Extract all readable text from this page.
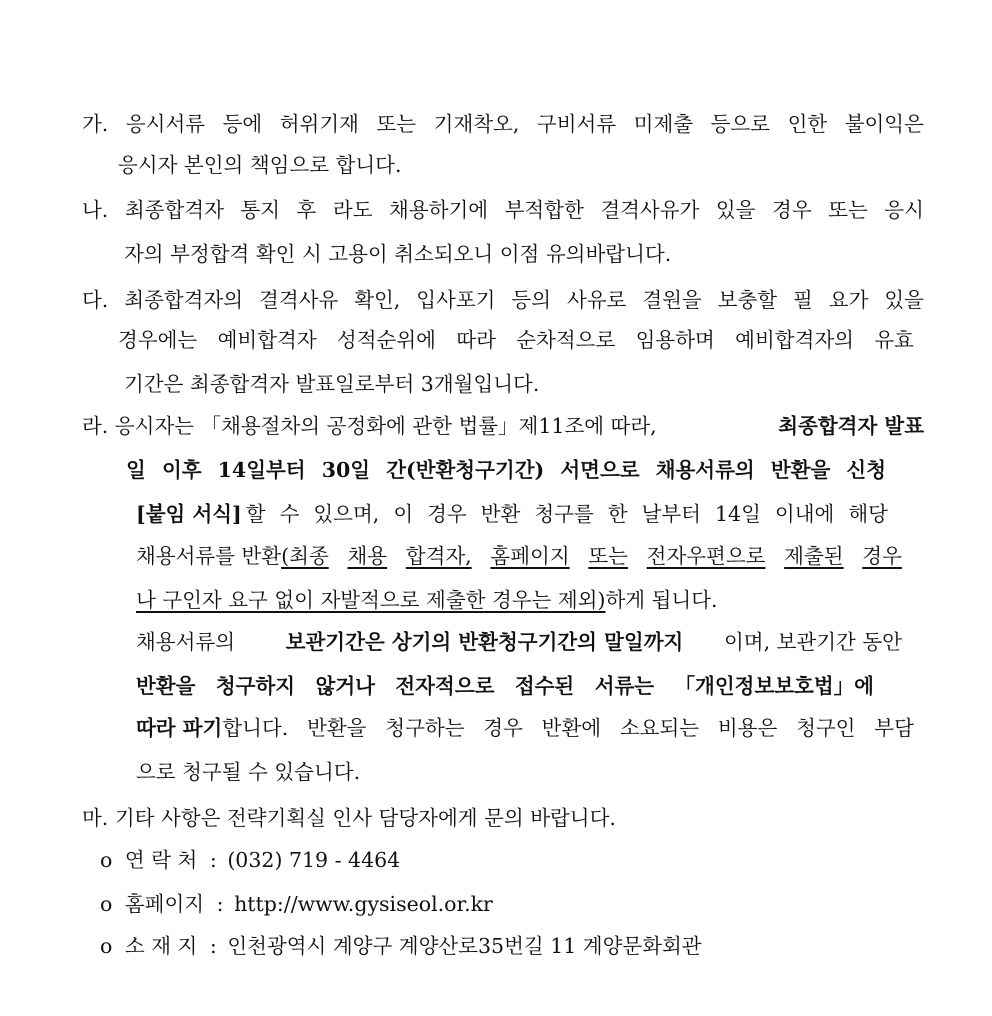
가. 응시서류 등에 허위기재 또는 기재착오, 구비서류 미제출 등으로 인한 불이익은
응시자 본인의 책임으로 합니다.
나. 최종합격자 통지 후 라도 채용하기에 부적합한 결격사유가 있을 경우 또는 응시
자의 부정합격 확인 시 고용이 취소되오니 이점 유의바랍니다.
다. 최종합격자의 결격사유 확인, 입사포기 등의 사유로 결원을 보충할 필 요가 있을
경우에는 예비합격자 성적순위에 따라 순차적으로 임용하며 예비합격자의 유효
기간은 최종합격자 발표일로부터 3개월입니다.
라. 응시자는 「채용절차의 공정화에 관한 법률」제11조에 따라,	최종합격자 발표
일 이후 14일부터 30일 간(반환청구기간) 서면으로 채용서류의 반환을 신청
[붙임 서식] 할 수 있으며, 이 경우 반환 청구를 한 날부터 14일 이내에 해당
채용서류를 반환 (최종 채용 합격자, 홈페이지 또는 전자우편으로 제출된 경우
나 구인자 요구 없이 자발적으로 제출한 경우는 제외)하게 됩니다.
채용서류의 보관기간은 상기의 반환청구기간의 말일까지 이며, 보관기간 동안
반환을 청구하지 않거나 전자적으로 접수된 서류는 「개인정보보호법」에
따라 파기 합니다. 반환을 청구하는 경우 반환에 소요되는 비용은 청구인 부담
으로 청구될 수 있습니다.
마. 기타 사항은 전략기획실 인사 담당자에게 문의 바랍니다.
o 연 락 처 : (032) 719 - 4464
o 홈페이지 : http://www.gysiseol.or.kr
o 소 재 지 : 인천광역시 계양구 계양산로35번길 11 계양문화회관
